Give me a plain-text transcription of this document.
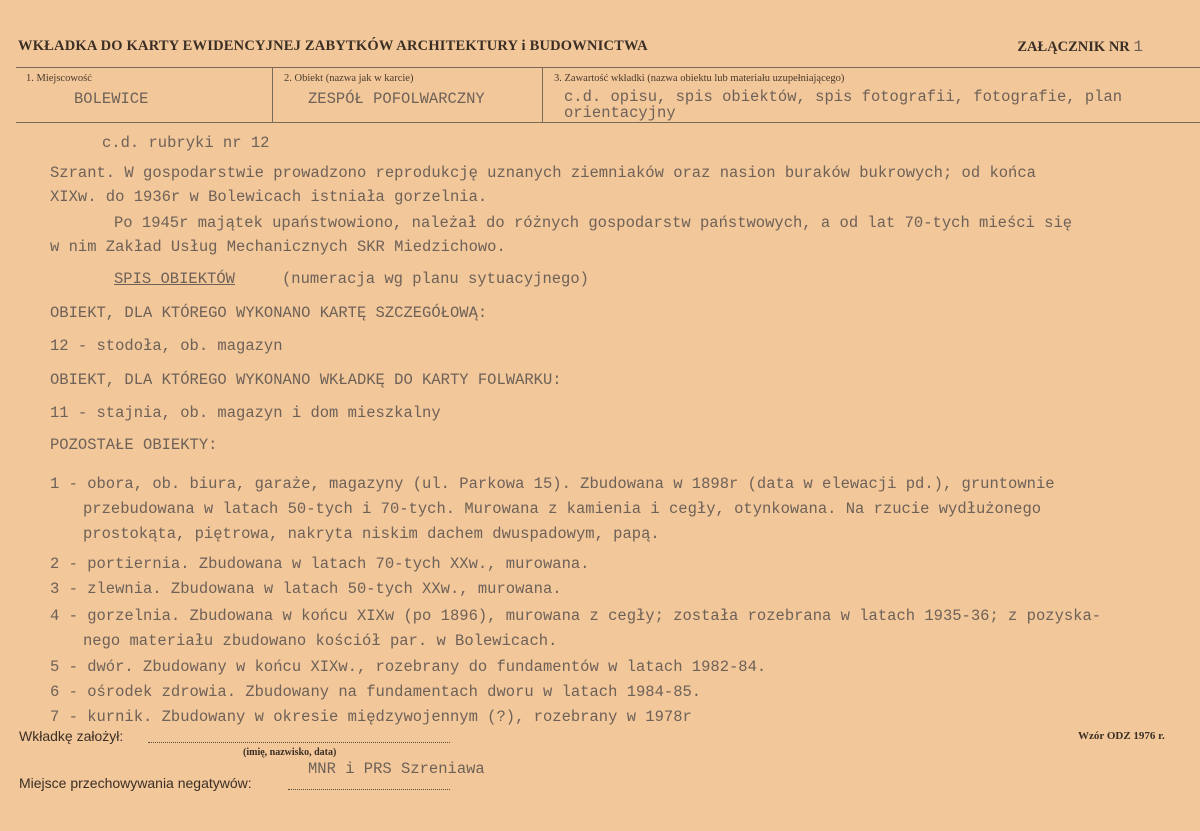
WKŁADKA DO KARTY EWIDENCYJNEJ ZABYTKÓW ARCHITEKTURY i BUDOWNICTWA	ZAŁĄCZNIK NR 1
1. Miejscowość
BOLEWICE
2. Obiekt (nazwa jak w karcie)
ZESPÓŁ POFOLWARCZNY
3. Zawartość wkładki (nazwa obiektu lub materiału uzupełniającego)
c.d. opisu, spis obiektów, spis fotografii, fotografie, plan orientacyjny
c.d. rubryki nr 12
Szrant. W gospodarstwie prowadzono reprodukcję uznanych ziemniaków oraz nasion buraków bukrowych; od końca
XIXw. do 1936r w Bolewicach istniała gorzelnia.
Po 1945r majątek upaństwowiono, należał do różnych gospodarstw państwowych, a od lat 70-tych mieści się
w nim Zakład Usług Mechanicznych SKR Miedzichowo.
SPIS OBIEKTÓW	(numeracja wg planu sytuacyjnego)
OBIEKT, DLA KTÓREGO WYKONANO KARTĘ SZCZEGÓŁOWĄ:
12 - stodoła, ob. magazyn
OBIEKT, DLA KTÓREGO WYKONANO WKŁADKĘ DO KARTY FOLWARKU:
11 - stajnia, ob. magazyn i dom mieszkalny
POZOSTAŁE OBIEKTY:
1 - obora, ob. biura, garaże, magazyny (ul. Parkowa 15). Zbudowana w 1898r (data w elewacji pd.), gruntownie
przebudowana w latach 50-tych i 70-tych. Murowana z kamienia i cegły, otynkowana. Na rzucie wydłużonego
prostokąta, piętrowa, nakryta niskim dachem dwuspadowym, papą.
2 - portiernia. Zbudowana w latach 70-tych XXw., murowana.
3 - zlewnia. Zbudowana w latach 50-tych XXw., murowana.
4 - gorzelnia. Zbudowana w końcu XIXw (po 1896), murowana z cegły; została rozebrana w latach 1935-36; z pozyska-
nego materiału zbudowano kościół par. w Bolewicach.
5 - dwór. Zbudowany w końcu XIXw., rozebrany do fundamentów w latach 1982-84.
6 - ośrodek zdrowia. Zbudowany na fundamentach dworu w latach 1984-85.
7 - kurnik. Zbudowany w okresie międzywojennym (?), rozebrany w 1978r
Wkładkę założył:
(imię, nazwisko, data)
Wzór ODZ 1976 r.
Miejsce przechowywania negatywów:
MNR i PRS Szreniawa
